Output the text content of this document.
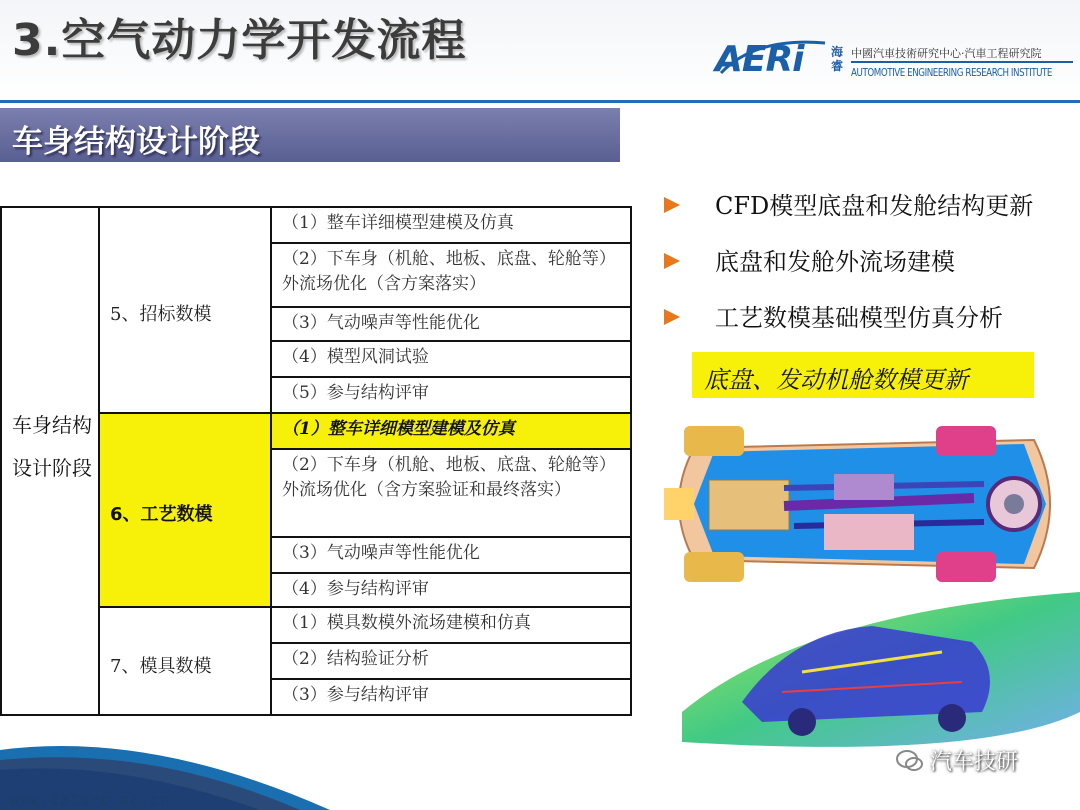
3.空气动力学开发流程	AERi 海睿
中國汽車技術研究中心·汽車工程研究院
AUTOMOTIVE ENGINEERING RESEARCH INSTITUTE
车身结构设计阶段
车身结构设计阶段
5、招标数模
（1）整车详细模型建模及仿真
（2）下车身（机舱、地板、底盘、轮舱等）外流场优化（含方案落实）
（3）气动噪声等性能优化
（4）模型风洞试验
（5）参与结构评审
6、工艺数模
（1）整车详细模型建模及仿真
（2）下车身（机舱、地板、底盘、轮舱等）外流场优化（含方案验证和最终落实）
（3）气动噪声等性能优化
（4）参与结构评审
7、模具数模
（1）模具数模外流场建模和仿真
（2）结构验证分析
（3）参与结构评审
CFD模型底盘和发舱结构更新
底盘和发舱外流场建模
工艺数模基础模型仿真分析
底盘、发动机舱数模更新
汽车技研
www.catarc.ac.cn
